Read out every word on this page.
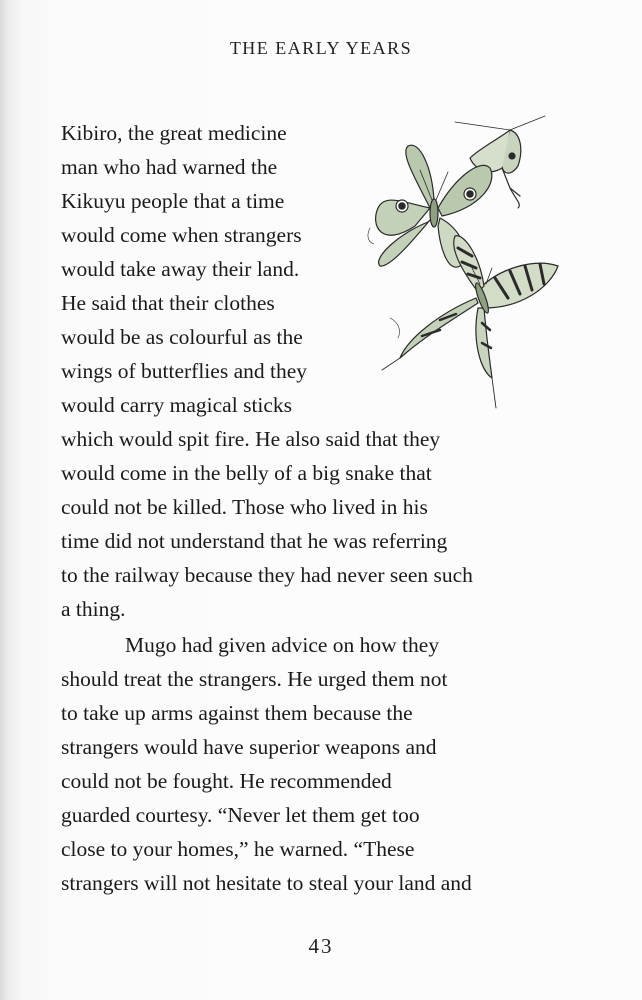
THE EARLY YEARS
Kibiro, the great medicine
man who had warned the
Kikuyu people that a time
would come when strangers
would take away their land.
He said that their clothes
would be as colourful as the
wings of butterflies and they
would carry magical sticks
which would spit fire. He also said that they
would come in the belly of a big snake that
could not be killed. Those who lived in his
time did not understand that he was referring
to the railway because they had never seen such
a thing.
Mugo had given advice on how they
should treat the strangers. He urged them not
to take up arms against them because the
strangers would have superior weapons and
could not be fought. He recommended
guarded courtesy. “Never let them get too
close to your homes,” he warned. “These
strangers will not hesitate to steal your land and
43
